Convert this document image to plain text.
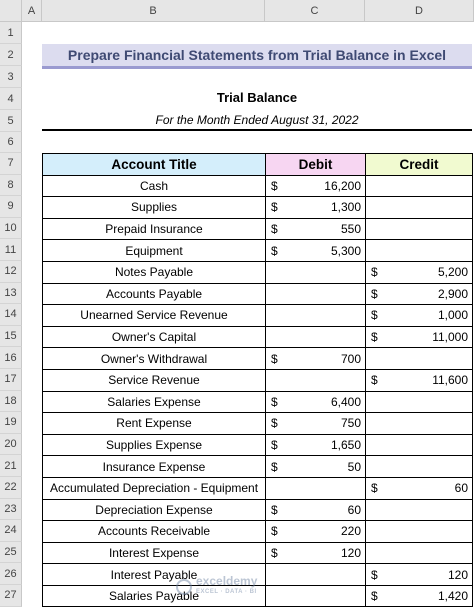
A	B	C	D
1
2
3
4
5
6
7
8
9
10
11
12
13
14
15
16
17
18
19
20
21
22
23
24
25
26
27
Prepare Financial Statements from Trial Balance in Excel
Trial Balance
For the Month Ended August 31, 2022
Account Title	Debit	Credit
Cash	$ 16,200	
Supplies	$ 1,300	
Prepaid Insurance	$ 550	
Equipment	$ 5,300	
Notes Payable		$ 5,200
Accounts Payable		$ 2,900
Unearned Service Revenue		$ 1,000
Owner's Capital		$ 11,000
Owner's Withdrawal	$ 700	
Service Revenue		$ 11,600
Salaries Expense	$ 6,400	
Rent Expense	$ 750	
Supplies Expense	$ 1,650	
Insurance Expense	$ 50	
Accumulated Depreciation - Equipment		$ 60
Depreciation Expense	$ 60	
Accounts Receivable	$ 220	
Interest Expense	$ 120	
Interest Payable		$ 120
Salaries Payable		$ 1,420
exceldemy
EXCEL · DATA · BI
